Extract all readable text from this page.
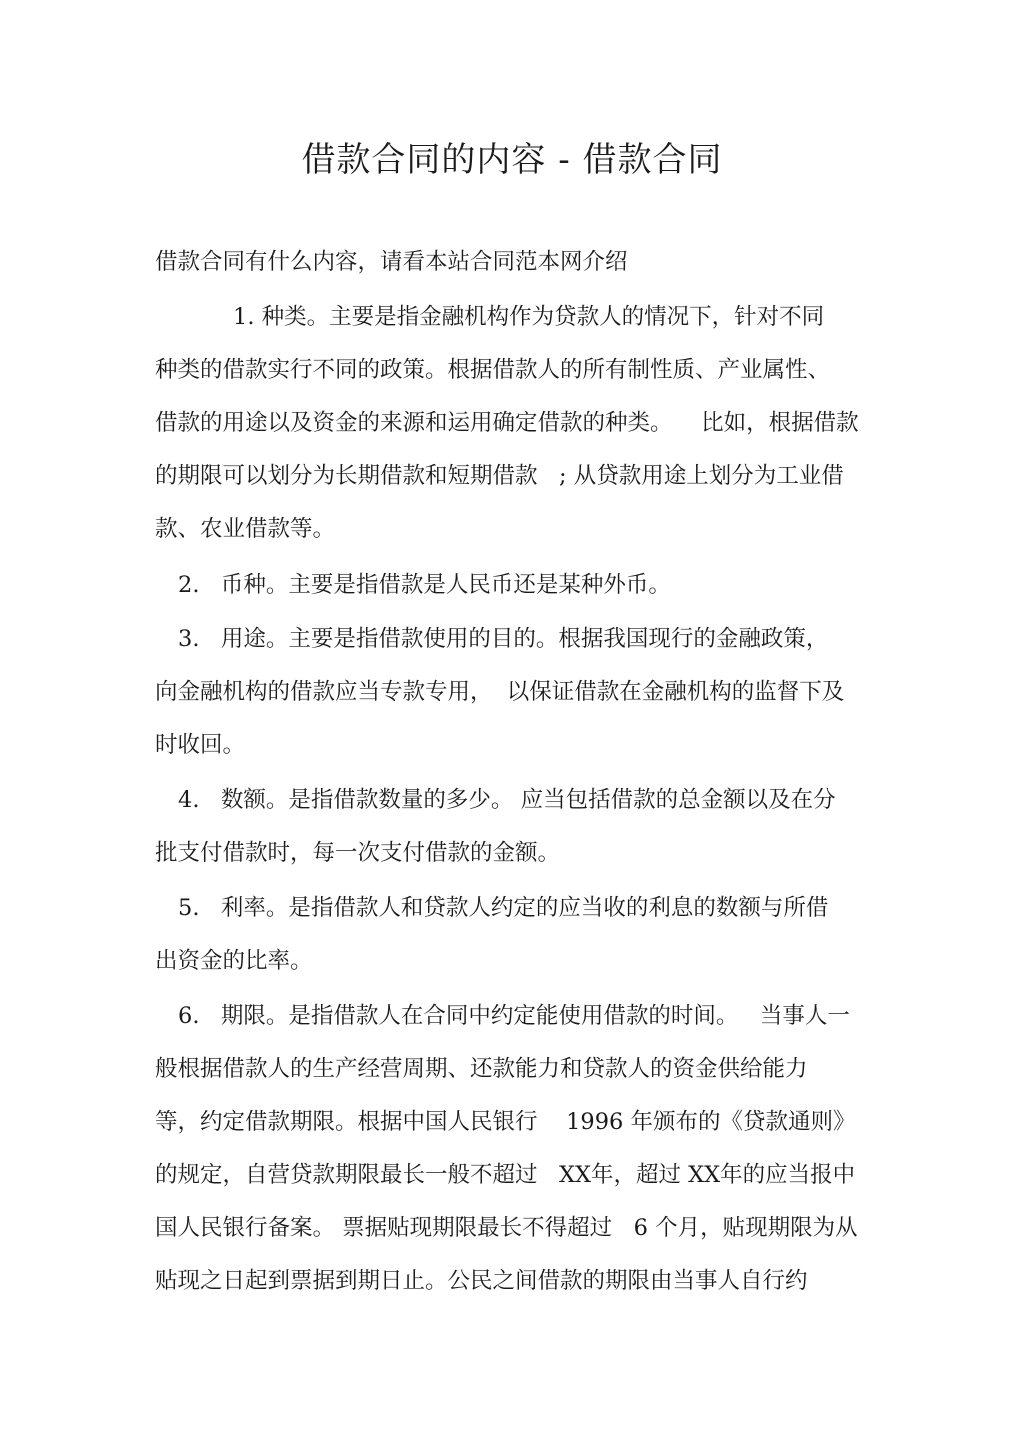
借款合同的内容 - 借款合同
借款合同有什么内容，请看本站合同范本网介绍
1. 种类。主要是指金融机构作为贷款人的情况下，针对不同
种类的借款实行不同的政策。根据借款人的所有制性质、产业属性、
借款的用途以及资金的来源和运用确定借款的种类。    比如，根据借款
的期限可以划分为长期借款和短期借款   ; 从贷款用途上划分为工业借
款、农业借款等。
2.   币种。主要是指借款是人民币还是某种外币。
3.   用途。主要是指借款使用的目的。根据我国现行的金融政策，
向金融机构的借款应当专款专用，  以保证借款在金融机构的监督下及
时收回。
4.   数额。是指借款数量的多少。 应当包括借款的总金额以及在分
批支付借款时，每一次支付借款的金额。
5.   利率。是指借款人和贷款人约定的应当收的利息的数额与所借
出资金的比率。
6.   期限。是指借款人在合同中约定能使用借款的时间。   当事人一
般根据借款人的生产经营周期、还款能力和贷款人的资金供给能力
等，约定借款期限。根据中国人民银行    1996 年颁布的《贷款通则》
的规定，自营贷款期限最长一般不超过   XX年，超过 XX年的应当报中
国人民银行备案。 票据贴现期限最长不得超过   6 个月，贴现期限为从
贴现之日起到票据到期日止。公民之间借款的期限由当事人自行约
